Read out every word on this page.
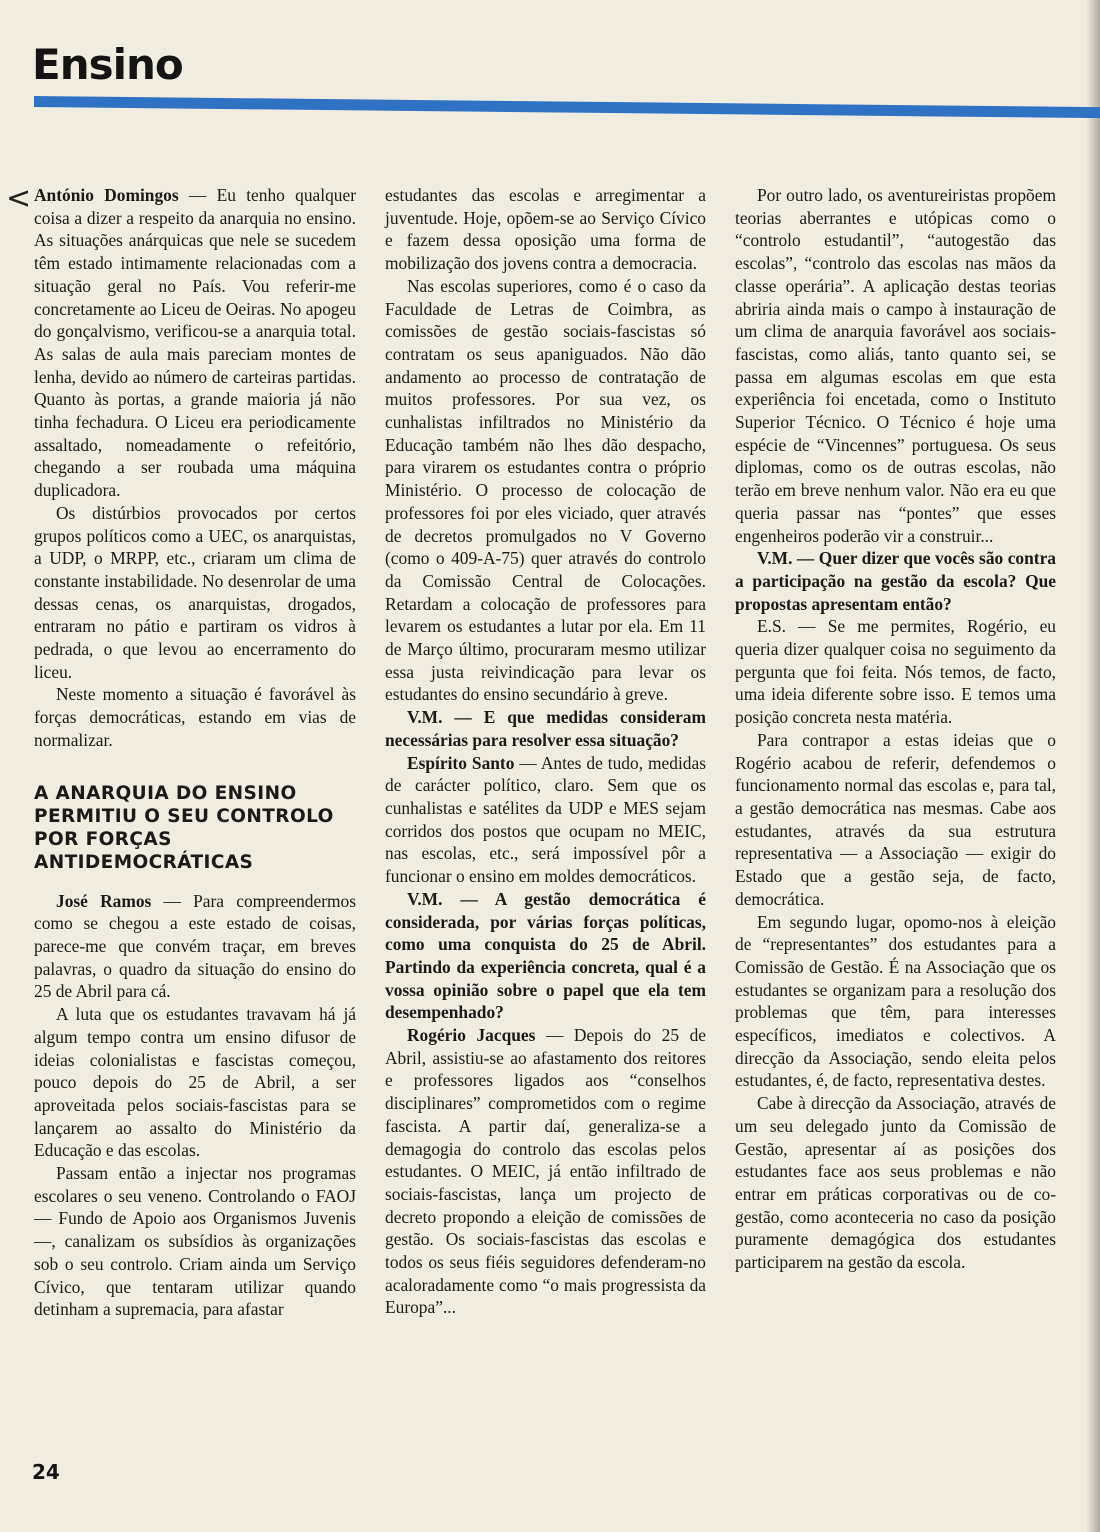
Ensino
< António Domingos — Eu tenho qualquer coisa a dizer a respeito da anarquia no ensino. As situações anárquicas que nele se sucedem têm estado intimamente relacionadas com a situação geral no País. Vou referir-me concretamente ao Liceu de Oeiras. No apogeu do gonçalvismo, verificou-se a anarquia total. As salas de aula mais pareciam montes de lenha, devido ao número de carteiras partidas. Quanto às portas, a grande maioria já não tinha fechadura. O Liceu era periodicamente assaltado, nomeadamente o refeitório, chegando a ser roubada uma máquina duplicadora.

Os distúrbios provocados por certos grupos políticos como a UEC, os anarquistas, a UDP, o MRPP, etc., criaram um clima de constante instabilidade. No desenrolar de uma dessas cenas, os anarquistas, drogados, entraram no pátio e partiram os vidros à pedrada, o que levou ao encerramento do liceu.

Neste momento a situação é favorável às forças democráticas, estando em vias de normalizar.

A ANARQUIA DO ENSINO PERMITIU O SEU CONTROLO POR FORÇAS ANTIDEMOCRÁTICAS

José Ramos — Para compreendermos como se chegou a este estado de coisas, parece-me que convém traçar, em breves palavras, o quadro da situação do ensino do 25 de Abril para cá.

A luta que os estudantes travavam há já algum tempo contra um ensino difusor de ideias colonialistas e fascistas começou, pouco depois do 25 de Abril, a ser aproveitada pelos sociais-fascistas para se lançarem ao assalto do Ministério da Educação e das escolas.

Passam então a injectar nos programas escolares o seu veneno. Controlando o FAOJ — Fundo de Apoio aos Organismos Juvenis —, canalizam os subsídios às organizações sob o seu controlo. Criam ainda um Serviço Cívico, que tentaram utilizar quando detinham a supremacia, para afastar

estudantes das escolas e arregimentar a juventude. Hoje, opõem-se ao Serviço Cívico e fazem dessa oposição uma forma de mobilização dos jovens contra a democracia.

Nas escolas superiores, como é o caso da Faculdade de Letras de Coimbra, as comissões de gestão sociais-fascistas só contratam os seus apaniguados. Não dão andamento ao processo de contratação de muitos professores. Por sua vez, os cunhalistas infiltrados no Ministério da Educação também não lhes dão despacho, para virarem os estudantes contra o próprio Ministério. O processo de colocação de professores foi por eles viciado, quer através de decretos promulgados no V Governo (como o 409-A-75) quer através do controlo da Comissão Central de Colocações. Retardam a colocação de professores para levarem os estudantes a lutar por ela. Em 11 de Março último, procuraram mesmo utilizar essa justa reivindicação para levar os estudantes do ensino secundário à greve.

V.M. — E que medidas consideram necessárias para resolver essa situação?

Espírito Santo — Antes de tudo, medidas de carácter político, claro. Sem que os cunhalistas e satélites da UDP e MES sejam corridos dos postos que ocupam no MEIC, nas escolas, etc., será impossível pôr a funcionar o ensino em moldes democráticos.

V.M. — A gestão democrática é considerada, por várias forças políticas, como uma conquista do 25 de Abril. Partindo da experiência concreta, qual é a vossa opinião sobre o papel que ela tem desempenhado?

Rogério Jacques — Depois do 25 de Abril, assistiu-se ao afastamento dos reitores e professores ligados aos “conselhos disciplinares” comprometidos com o regime fascista. A partir daí, generaliza-se a demagogia do controlo das escolas pelos estudantes. O MEIC, já então infiltrado de sociais-fascistas, lança um projecto de decreto propondo a eleição de comissões de gestão. Os sociais-fascistas das escolas e todos os seus fiéis seguidores defenderam-no acaloradamente como “o mais progressista da Europa”...

Por outro lado, os aventureiristas propõem teorias aberrantes e utópicas como o “controlo estudantil”, “autogestão das escolas”, “controlo das escolas nas mãos da classe operária”. A aplicação destas teorias abriria ainda mais o campo à instauração de um clima de anarquia favorável aos sociais-fascistas, como aliás, tanto quanto sei, se passa em algumas escolas em que esta experiência foi encetada, como o Instituto Superior Técnico. O Técnico é hoje uma espécie de “Vincennes” portuguesa. Os seus diplomas, como os de outras escolas, não terão em breve nenhum valor. Não era eu que queria passar nas “pontes” que esses engenheiros poderão vir a construir...

V.M. — Quer dizer que vocês são contra a participação na gestão da escola? Que propostas apresentam então?

E.S. — Se me permites, Rogério, eu queria dizer qualquer coisa no seguimento da pergunta que foi feita. Nós temos, de facto, uma ideia diferente sobre isso. E temos uma posição concreta nesta matéria.

Para contrapor a estas ideias que o Rogério acabou de referir, defendemos o funcionamento normal das escolas e, para tal, a gestão democrática nas mesmas. Cabe aos estudantes, através da sua estrutura representativa — a Associação — exigir do Estado que a gestão seja, de facto, democrática.

Em segundo lugar, opomo-nos à eleição de “representantes” dos estudantes para a Comissão de Gestão. É na Associação que os estudantes se organizam para a resolução dos problemas que têm, para interesses específicos, imediatos e colectivos. A direcção da Associação, sendo eleita pelos estudantes, é, de facto, representativa destes.

Cabe à direcção da Associação, através de um seu delegado junto da Comissão de Gestão, apresentar aí as posições dos estudantes face aos seus problemas e não entrar em práticas corporativas ou de co-gestão, como aconteceria no caso da posição puramente demagógica dos estudantes participarem na gestão da escola.

24
